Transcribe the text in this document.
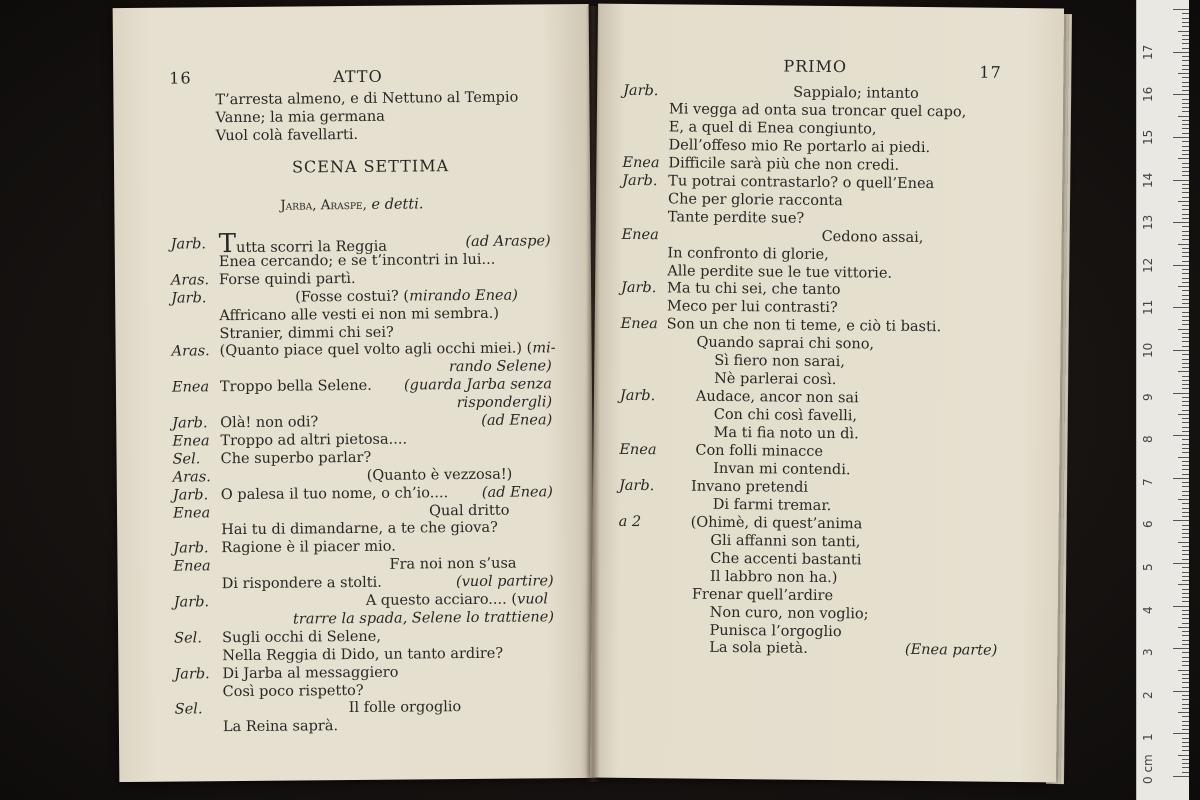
16	ATTO
SCENA SETTIMA
Jarba, Araspe, e detti.
T’arresta almeno, e di Nettuno al Tempio
Vanne; la mia germana
Vuol colà favellarti.
Jarb. Tutta scorri la Reggia	(ad Araspe)
Enea cercando; e se t’incontri in lui...
Aras. Forse quindi partì.
Jarb.	(Fosse costui? ( mirando Enea)
Affricano alle vesti ei non mi sembra.)
Stranier, dimmi chi sei?
Aras. (Quanto piace quel volto agli occhi miei.) ( mi-
rando Selene)
Enea Troppo bella Selene. (guarda Jarba senza
rispondergli)
Jarb. Olà! non odi?	(ad Enea)
Enea Troppo ad altri pietosa....
Sel. Che superbo parlar?
Aras.	(Quanto è vezzosa!)
Jarb. O palesa il tuo nome, o ch’io.... (ad Enea)
Enea	Qual dritto
Hai tu di dimandarne, a te che giova?
Jarb. Ragione è il piacer mio.
Enea	Fra noi non s’usa
Di rispondere a stolti.	(vuol partire)
Jarb.	A questo acciaro.... ( vuol
trarre la spada, Selene lo trattiene)
Sel. Sugli occhi di Selene,
Nella Reggia di Dido, un tanto ardire?
Jarb. Di Jarba al messaggiero
Così poco rispetto?
Sel.	Il folle orgoglio
La Reina saprà.
PRIMO	17
Jarb.	Sappialo; intanto
Mi vegga ad onta sua troncar quel capo,
E, a quel di Enea congiunto,
Dell’offeso mio Re portarlo ai piedi.
Enea Difficile sarà più che non credi.
Jarb. Tu potrai contrastarlo? o quell’Enea
Che per glorie racconta
Tante perdite sue?
Enea	Cedono assai,
In confronto di glorie,
Alle perdite sue le tue vittorie.
Jarb. Ma tu chi sei, che tanto
Meco per lui contrasti?
Enea Son un che non ti teme, e ciò ti basti.
Quando saprai chi sono,
Sì fiero non sarai,
Nè parlerai così.
Jarb.	Audace, ancor non sai
Con chi così favelli,
Ma ti fia noto un dì.
Enea	Con folli minacce
Invan mi contendi.
Jarb.	Invano pretendi
Di farmi tremar.
a 2	(Ohimè, di quest’anima
Gli affanni son tanti,
Che accenti bastanti
Il labbro non ha.)
Frenar quell’ardire
Non curo, non voglio;
Punisca l’orgoglio
La sola pietà.	(Enea parte)
0 cm
1
2
3
4
5
6
7
8
9
10
11
12
13
14
15
16
17
